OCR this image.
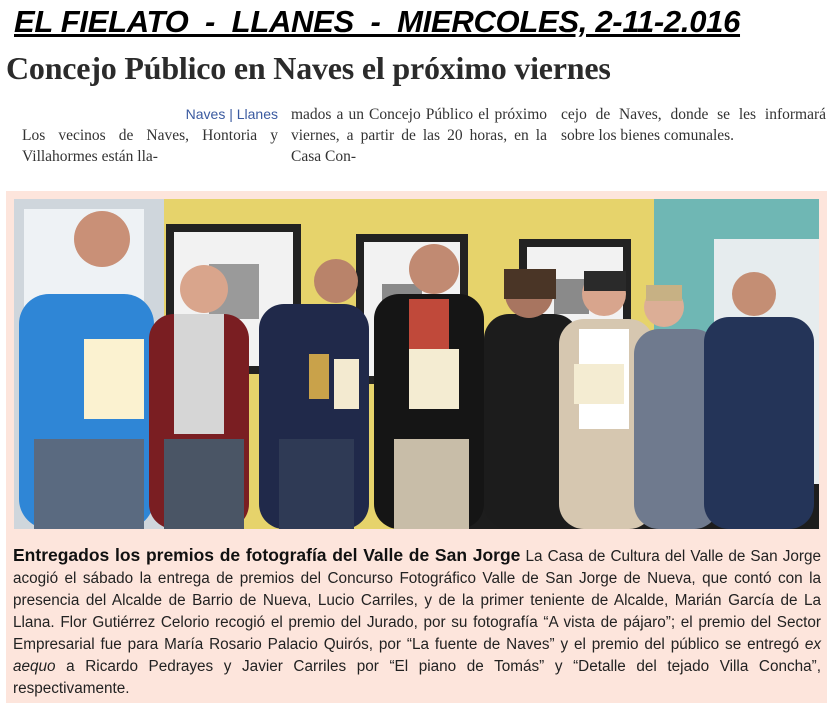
EL FIELATO  -  LLANES  -  MIERCOLES, 2-11-2.016
Concejo Público en Naves el próximo viernes
Naves | Llanes
Los vecinos de Naves, Hontoria y Villahormes están lla-
mados a un Concejo Público el próximo viernes, a partir de las 20 horas, en la Casa Con-
cejo de Naves, donde se les informará sobre los bienes comunales.
Entregados los premios de fotografía del Valle de San Jorge La Casa de Cultura del Valle de San Jorge acogió el sábado la entrega de premios del Concurso Fotográfico Valle de San Jorge de Nueva, que contó con la presencia del Alcalde de Barrio de Nueva, Lucio Carriles, y de la primer teniente de Alcalde, Marián García de La Llana. Flor Gutiérrez Celorio recogió el premio del Jurado, por su fotografía “A vista de pájaro”; el premio del Sector Empresarial fue para María Rosario Palacio Quirós, por “La fuente de Naves” y el premio del público se entregó ex aequo a Ricardo Pedrayes y Javier Carriles por “El piano de Tomás” y “Detalle del tejado Villa Concha”, respectivamente.
